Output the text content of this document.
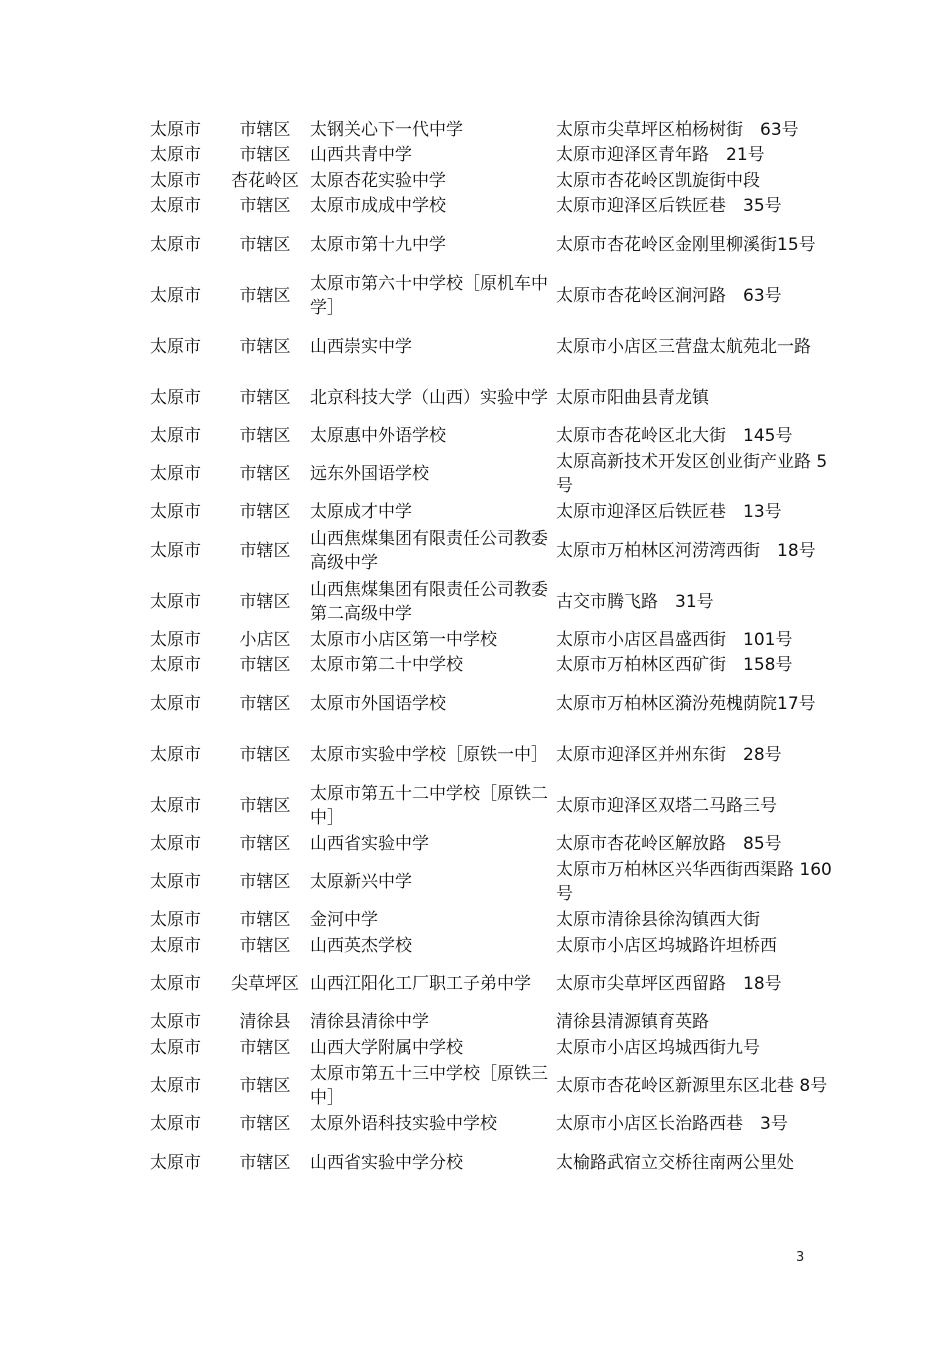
太原市	市辖区	太钢关心下一代中学	太原市尖草坪区柏杨树街　63号
太原市	市辖区	山西共青中学	太原市迎泽区青年路　21号
太原市	杏花岭区	太原杏花实验中学	太原市杏花岭区凯旋街中段
太原市	市辖区	太原市成成中学校	太原市迎泽区后铁匠巷　35号
太原市	市辖区	太原市第十九中学	太原市杏花岭区金刚里柳溪街15号
太原市	市辖区	太原市第六十中学校［原机车中学］	太原市杏花岭区涧河路　63号
太原市	市辖区	山西崇实中学	太原市小店区三营盘太航苑北一路
太原市	市辖区	北京科技大学（山西）实验中学	太原市阳曲县青龙镇
太原市	市辖区	太原惠中外语学校	太原市杏花岭区北大街　145号
太原市	市辖区	远东外国语学校	太原高新技术开发区创业街产业路 5号
太原市	市辖区	太原成才中学	太原市迎泽区后铁匠巷　13号
太原市	市辖区	山西焦煤集团有限责任公司教委高级中学	太原市万柏林区河涝湾西街　18号
太原市	市辖区	山西焦煤集团有限责任公司教委第二高级中学	古交市腾飞路　31号
太原市	小店区	太原市小店区第一中学校	太原市小店区昌盛西街　101号
太原市	市辖区	太原市第二十中学校	太原市万柏林区西矿街　158号
太原市	市辖区	太原市外国语学校	太原市万柏林区漪汾苑槐荫院17号
太原市	市辖区	太原市实验中学校［原铁一中］	太原市迎泽区并州东街　28号
太原市	市辖区	太原市第五十二中学校［原铁二中］	太原市迎泽区双塔二马路三号
太原市	市辖区	山西省实验中学	太原市杏花岭区解放路　85号
太原市	市辖区	太原新兴中学	太原市万柏林区兴华西街西渠路 160号
太原市	市辖区	金河中学	太原市清徐县徐沟镇西大街
太原市	市辖区	山西英杰学校	太原市小店区坞城路许坦桥西
太原市	尖草坪区	山西江阳化工厂职工子弟中学	太原市尖草坪区西留路　18号
太原市	清徐县	清徐县清徐中学	清徐县清源镇育英路
太原市	市辖区	山西大学附属中学校	太原市小店区坞城西街九号
太原市	市辖区	太原市第五十三中学校［原铁三中］	太原市杏花岭区新源里东区北巷 8号
太原市	市辖区	太原外语科技实验中学校	太原市小店区长治路西巷　3号
太原市	市辖区	山西省实验中学分校	太榆路武宿立交桥往南两公里处
3
